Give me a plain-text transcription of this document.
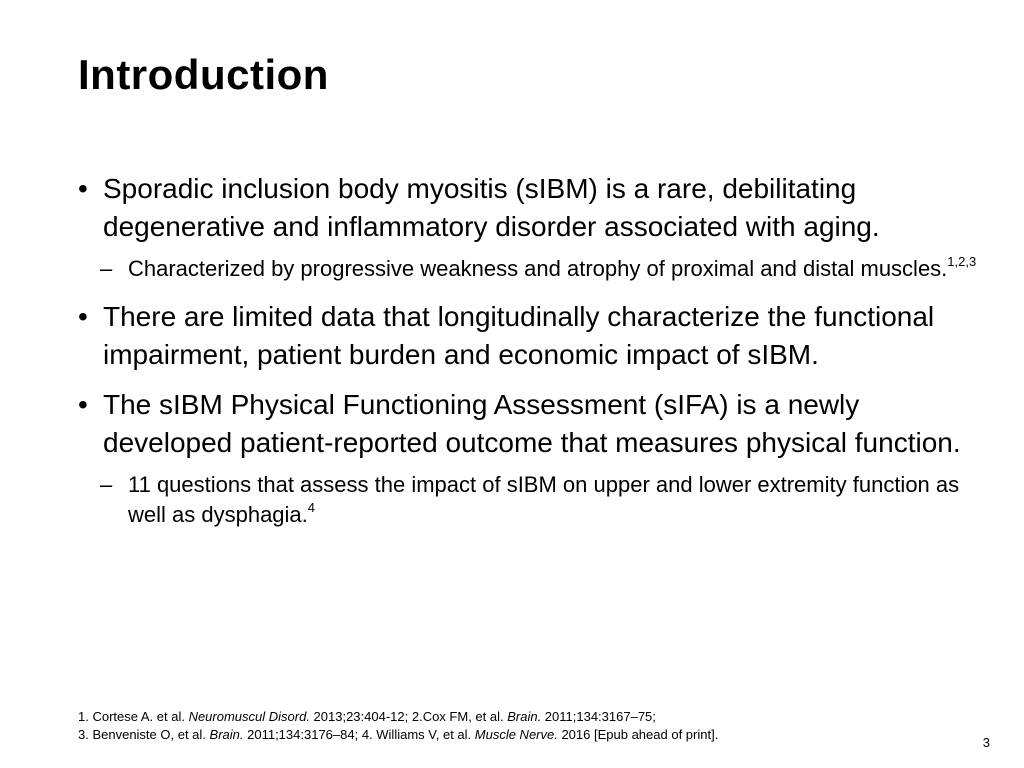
Introduction
• Sporadic inclusion body myositis (sIBM) is a rare, debilitating degenerative and inflammatory disorder associated with aging.
– Characterized by progressive weakness and atrophy of proximal and distal muscles.$^{1,2,3}$
• There are limited data that longitudinally characterize the functional impairment, patient burden and economic impact of sIBM.
• The sIBM Physical Functioning Assessment (sIFA) is a newly developed patient-reported outcome that measures physical function.
– 11 questions that assess the impact of sIBM on upper and lower extremity function as well as dysphagia.$^4$

1. Cortese A. et al. Neuromuscul Disord. 2013;23:404-12; 2.Cox FM, et al. Brain. 2011;134:3167–75;

3. Benveniste O, et al. Brain. 2011;134:3176–84; 4. Williams V, et al. Muscle Nerve. 2016 [Epub ahead of print].

3
